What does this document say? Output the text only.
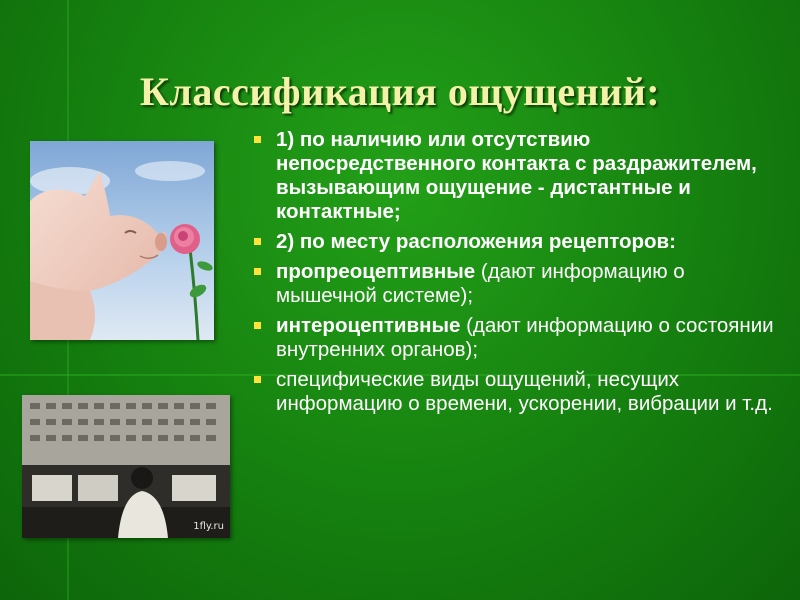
Классификация ощущений:
1fly.ru
1) по наличию или отсутствию непосредственного контакта с раздражителем, вызывающим ощущение - дистантные и контактные;
2) по месту расположения рецепторов:
пропреоцептивные (дают информацию о мышечной системе);
интероцептивные (дают информацию о состоянии внутренних органов);
специфические виды ощущений, несущих информацию о времени, ускорении, вибрации и т.д.
